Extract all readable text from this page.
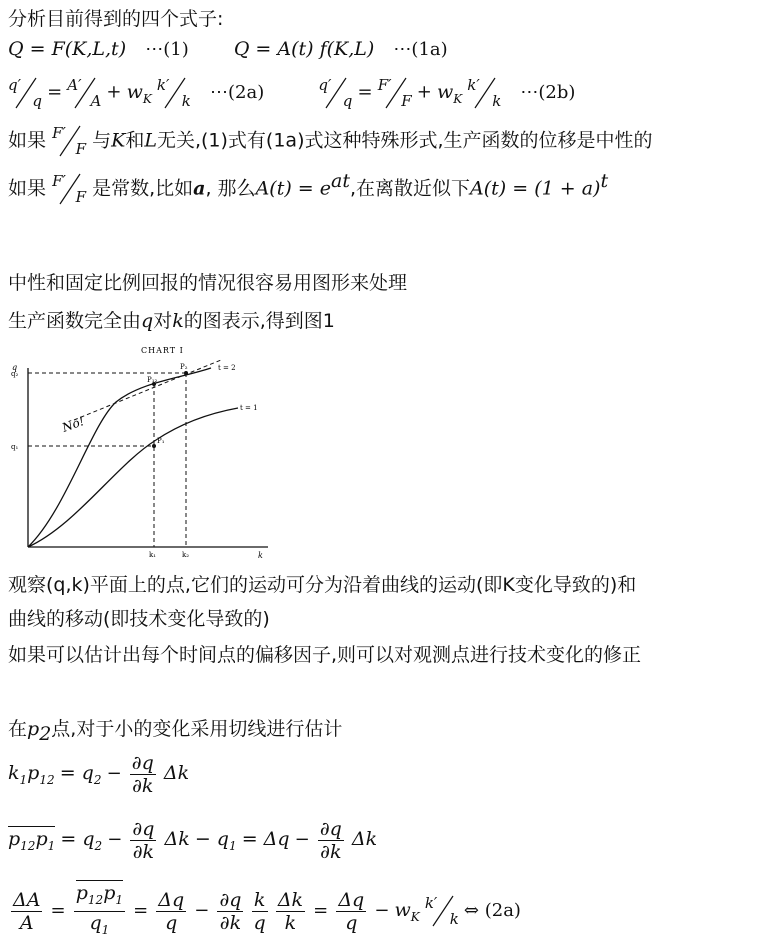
分析目前得到的四个式子:
Q = F(K,L,t) ⋯(1) Q = A(t) f(K,L) ⋯(1a)
q′
q = A′
$A + w_K$
k′
k ⋯(2a)	q′
q = F′
$F + w_K$
k′
k ⋯(2b)
如果 F′
F 与K和L无关,(1)式有(1a)式这种特殊形式,生产函数的位移是中性的
如果 F′
F 是常数,比如a, 那么$A(t) = e^{at}$,在离散近似下$A(t) = (1 + a)^t$
中性和固定比例回报的情况很容易用图形来处理
生产函数完全由q对k的图表示,得到图1
CHART I
q
k
q₁
q₂
k₁	k₂
P₁
P₂
P₁₂
No!
t = 2
t = 1
观察(q,k)平面上的点,它们的运动可分为沿着曲线的运动(即K变化导致的)和
曲线的移动(即技术变化导致的)
如果可以估计出每个时间点的偏移因子,则可以对观测点进行技术变化的修正
在$p_2$点,对于小的变化采用切线进行估计
$k_1p_{12} = q_2 - \frac{\partial q}{\partial k}$ Δk
$p_{12}p_1 = q_2 - \frac{\partial q}{\partial k}$ $\Delta k - q_1 = \Delta q - \frac{\partial q}{\partial k}$ Δk
$\frac{\Delta A}{A} = \frac{p_{12}p_1}{q_1} = \frac{\Delta q}{q} - \frac{\partial q}{\partial k}$
$\frac{k}{q}$
$\frac{\Delta k}{k} = \frac{\Delta q}{q} - w_K$
k′
k ⇔ (2a)
